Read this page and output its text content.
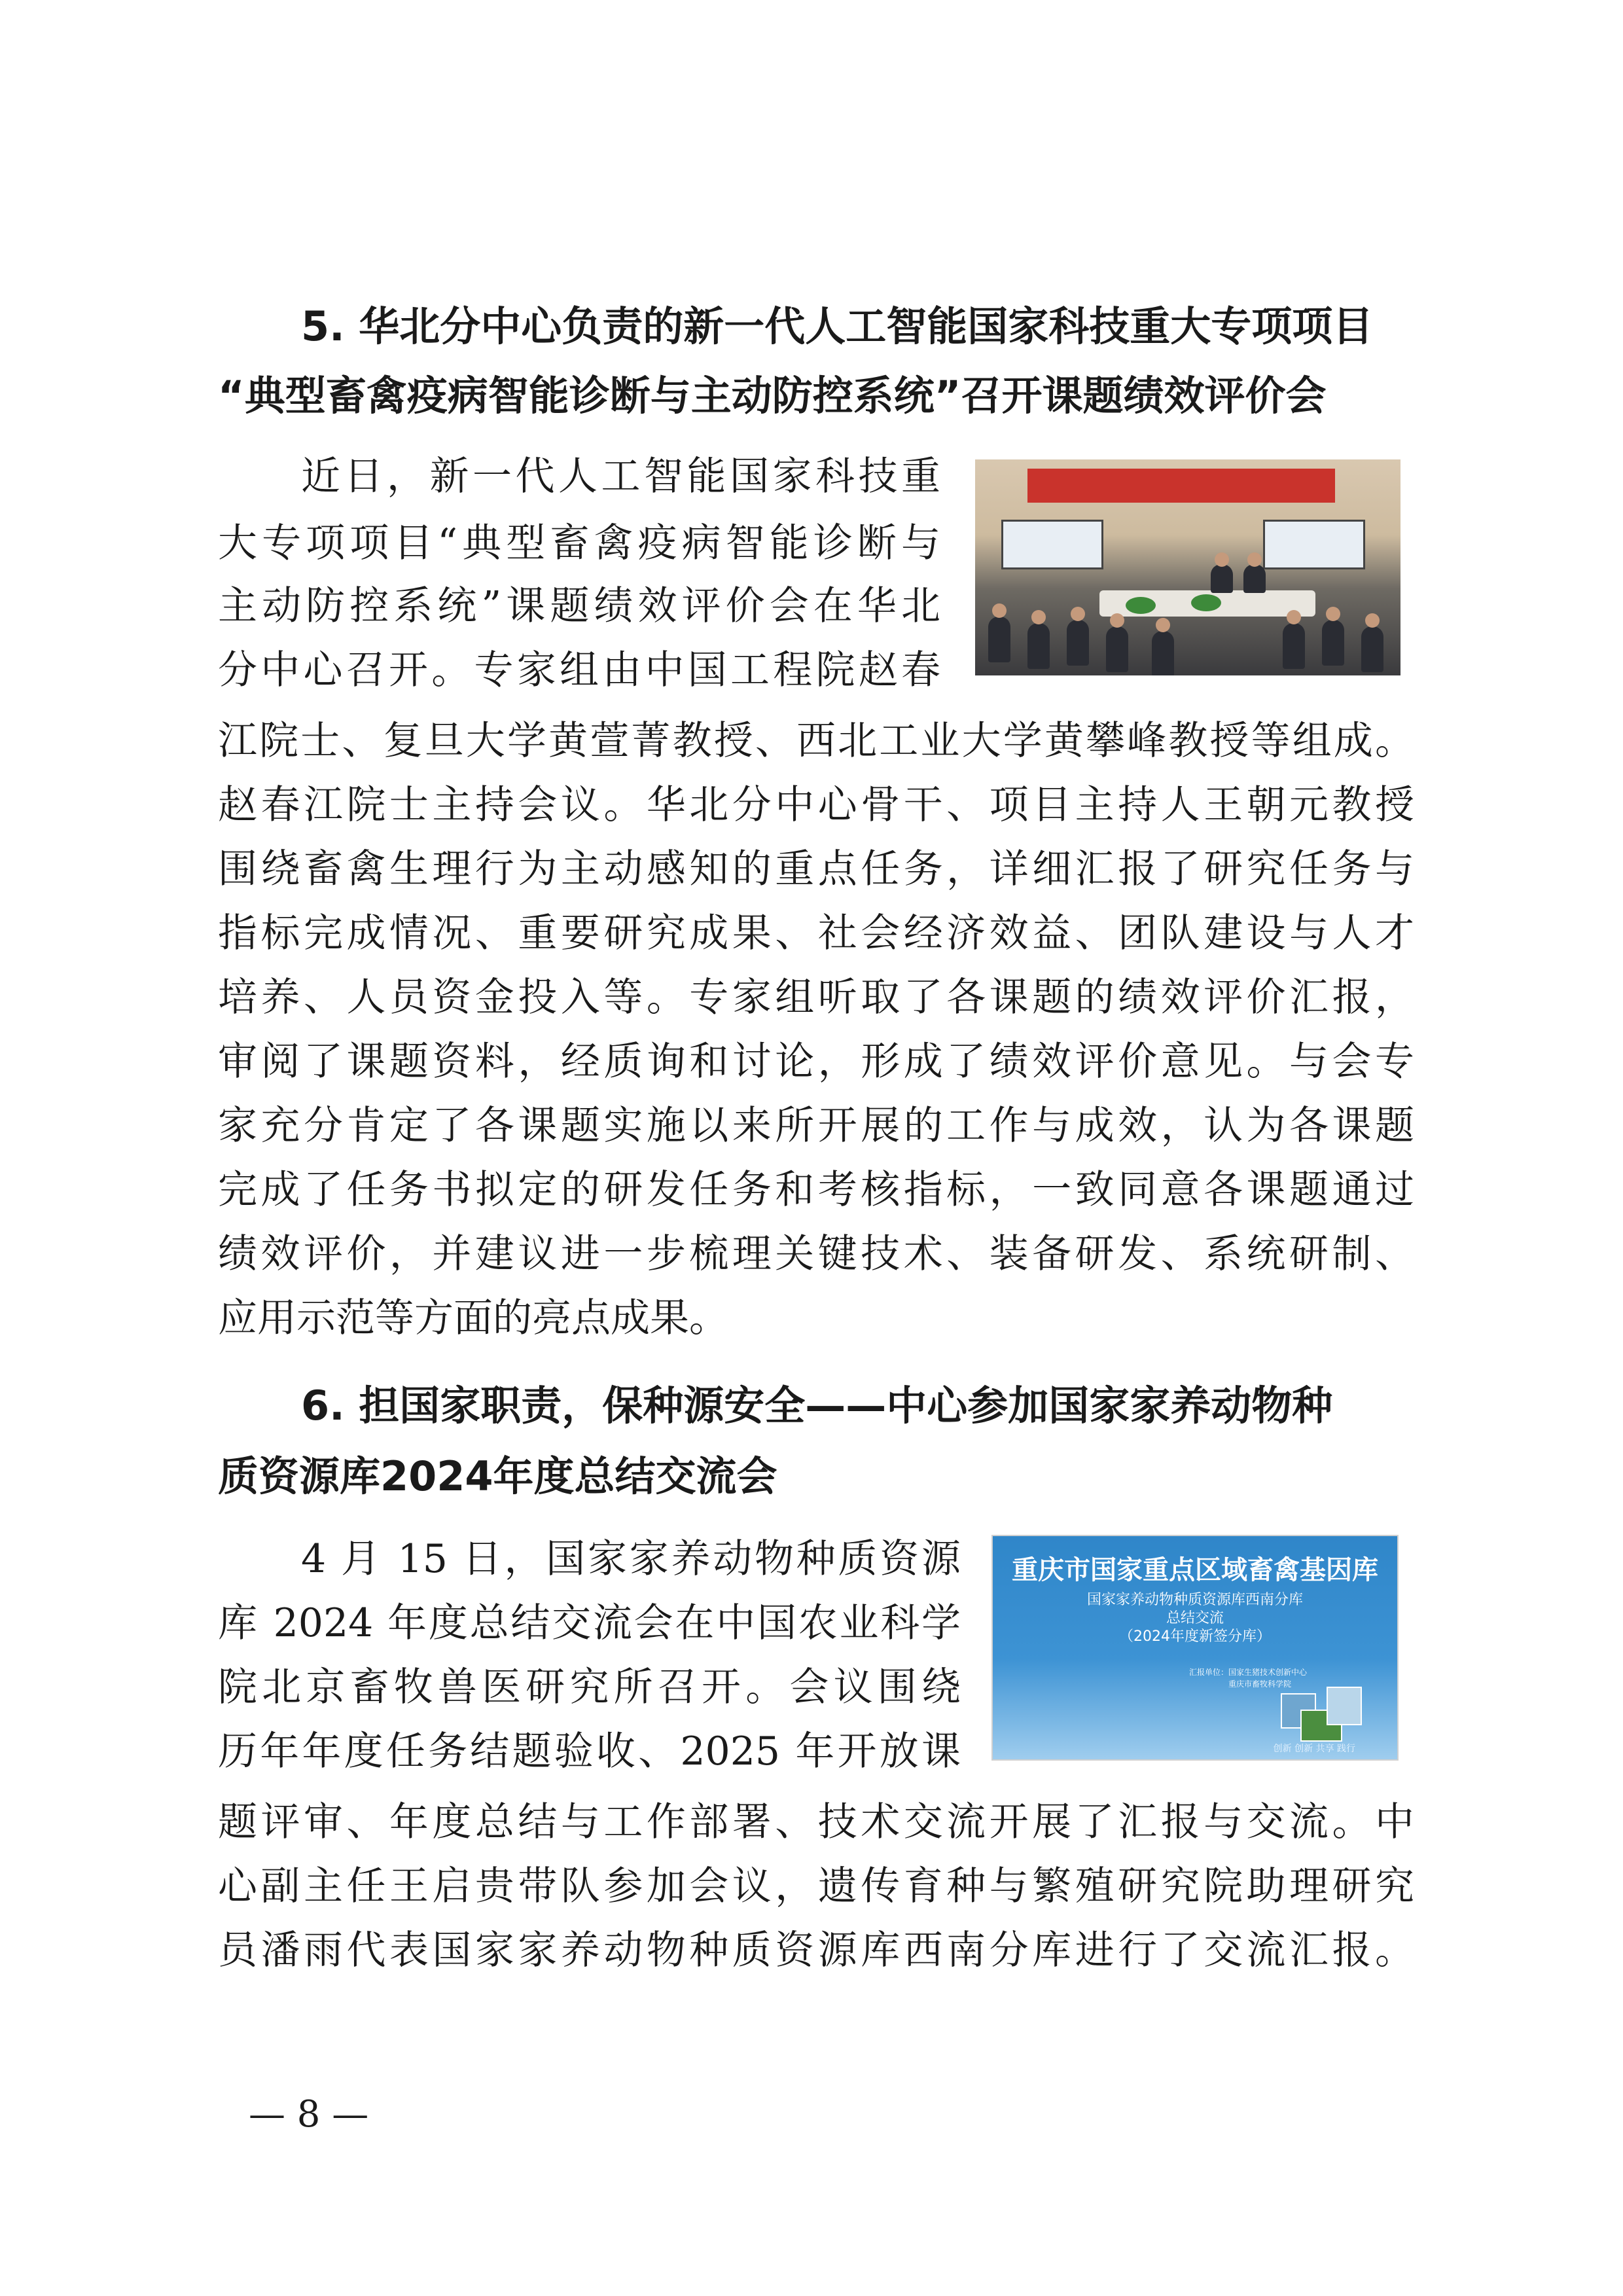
5. 华北分中心负责的新一代人工智能国家科技重大专项项目
“典型畜禽疫病智能诊断与主动防控系统”召开课题绩效评价会
近日，新一代人工智能国家科技重
大专项项目“典型畜禽疫病智能诊断与
主动防控系统”课题绩效评价会在华北
分中心召开。专家组由中国工程院赵春
江院士、复旦大学黄萱菁教授、西北工业大学黄攀峰教授等组成。
赵春江院士主持会议。华北分中心骨干、项目主持人王朝元教授
围绕畜禽生理行为主动感知的重点任务，详细汇报了研究任务与
指标完成情况、重要研究成果、社会经济效益、团队建设与人才
培养、人员资金投入等。专家组听取了各课题的绩效评价汇报，
审阅了课题资料，经质询和讨论，形成了绩效评价意见。与会专
家充分肯定了各课题实施以来所开展的工作与成效，认为各课题
完成了任务书拟定的研发任务和考核指标，一致同意各课题通过
绩效评价，并建议进一步梳理关键技术、装备研发、系统研制、
应用示范等方面的亮点成果。
6. 担国家职责，保种源安全——中心参加国家家养动物种
质资源库2024年度总结交流会
4 月 15 日，国家家养动物种质资源
库 2024 年度总结交流会在中国农业科学
院北京畜牧兽医研究所召开。会议围绕
历年年度任务结题验收、2025 年开放课
题评审、年度总结与工作部署、技术交流开展了汇报与交流。中
心副主任王启贵带队参加会议，遗传育种与繁殖研究院助理研究
员潘雨代表国家家养动物种质资源库西南分库进行了交流汇报。
重庆市国家重点区域畜禽基因库
国家家养动物种质资源库西南分库
总结交流
（2024年度新签分库）
汇报单位：国家生猪技术创新中心
重庆市畜牧科学院
创新 创新 共享 践行
— 8 —
